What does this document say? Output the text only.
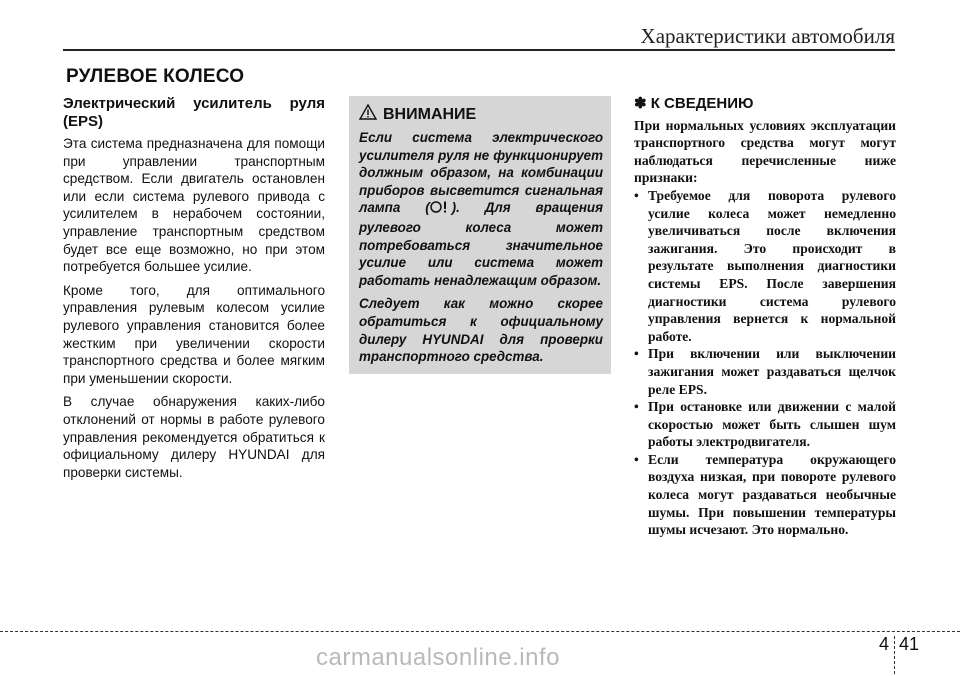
Характеристики автомобиля
РУЛЕВОЕ КОЛЕСО
Электрический усилитель руля (EPS)

Эта система предназначена для помощи при управлении транспортным средством. Если двигатель остановлен или если система рулевого привода с усилителем в нерабочем состоянии, управление транспортным средством будет все еще возможно, но при этом потребуется большее усилие.

Кроме того, для оптимального управления рулевым колесом усилие рулевого управления становится более жестким при увеличении скорости транспортного средства и более мягким при уменьшении скорости.

В случае обнаружения каких-либо отклонений от нормы в работе рулевого управления рекомендуется обратиться к официальному дилеру HYUNDAI для проверки системы.

ВНИМАНИЕ

Если система электрического усилителя руля не функционирует должным образом, на комбинации приборов высветится сигнальная лампа ( ). Для вращения рулевого колеса может потребоваться значительное усилие или система может работать ненадлежащим образом.

Следует как можно скорее обратиться к официальному дилеру HYUNDAI для проверки транспортного средства.

✽ К СВЕДЕНИЮ

При нормальных условиях эксплуатации транспортного средства могут могут наблюдаться перечисленные ниже признаки:

• Требуемое для поворота рулевого усилие колеса может немедленно увеличиваться после включения зажигания. Это происходит в результате выполнения диагностики системы EPS. После завершения диагностики система рулевого управления вернется к нормальной работе.
• При включении или выключении зажигания может раздаваться щелчок реле EPS.
• При остановке или движении с малой скоростью может быть слышен шум работы электродвигателя.
• Если температура окружающего воздуха низкая, при повороте рулевого колеса могут раздаваться необычные шумы. При повышении температуры шумы исчезают. Это нормально.
4 41
carmanualsonline.info
